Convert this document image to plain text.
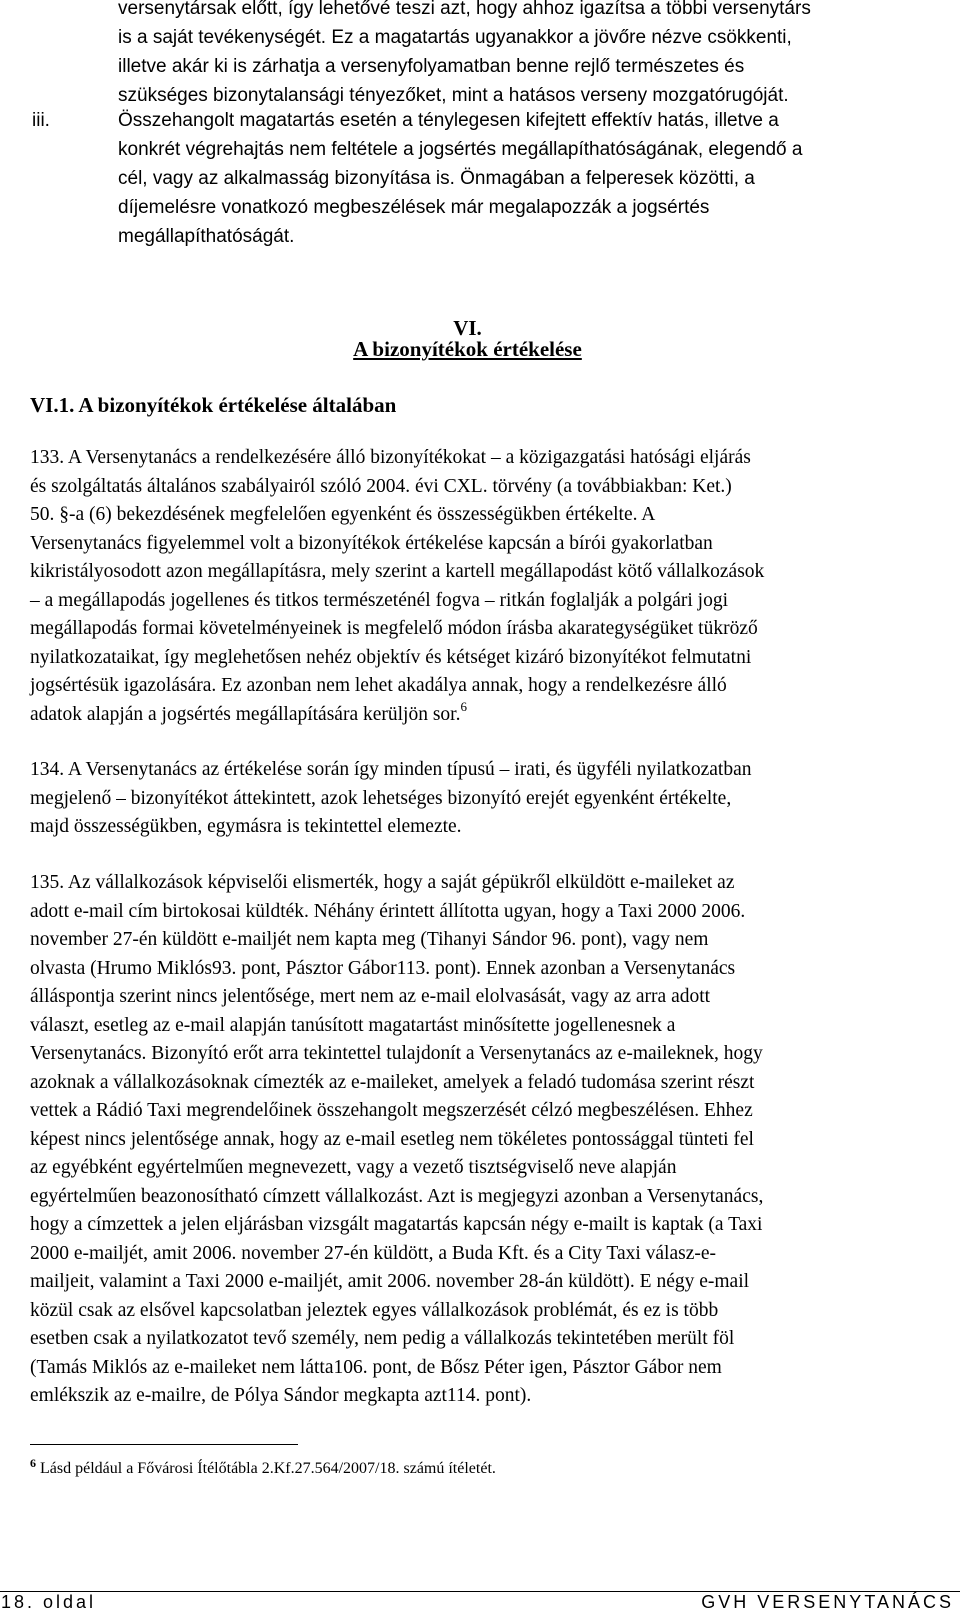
versenytársak előtt, így lehetővé teszi azt, hogy ahhoz igazítsa a többi versenytárs
is a saját tevékenységét. Ez a magatartás ugyanakkor a jövőre nézve csökkenti,
illetve akár ki is zárhatja a versenyfolyamatban benne rejlő természetes és
szükséges bizonytalansági tényezőket, mint a hatásos verseny mozgatórugóját.
iii.	Összehangolt magatartás esetén a ténylegesen kifejtett effektív hatás, illetve a
konkrét végrehajtás nem feltétele a jogsértés megállapíthatóságának, elegendő a
cél, vagy az alkalmasság bizonyítása is. Önmagában a felperesek közötti, a
díjemelésre vonatkozó megbeszélések már megalapozzák a jogsértés
megállapíthatóságát.
VI.
A bizonyítékok értékelése
VI.1. A bizonyítékok értékelése általában
133. A Versenytanács a rendelkezésére álló bizonyítékokat – a közigazgatási hatósági eljárás
és szolgáltatás általános szabályairól szóló 2004. évi CXL. törvény (a továbbiakban: Ket.)
50. §-a (6) bekezdésének megfelelően egyenként és összességükben értékelte. A
Versenytanács figyelemmel volt a bizonyítékok értékelése kapcsán a bírói gyakorlatban
kikristályosodott azon megállapításra, mely szerint a kartell megállapodást kötő vállalkozások
– a megállapodás jogellenes és titkos természeténél fogva – ritkán foglalják a polgári jogi
megállapodás formai követelményeinek is megfelelő módon írásba akarategységüket tükröző
nyilatkozataikat, így meglehetősen nehéz objektív és kétséget kizáró bizonyítékot felmutatni
jogsértésük igazolására. Ez azonban nem lehet akadálya annak, hogy a rendelkezésre álló
adatok alapján a jogsértés megállapítására kerüljön sor.$^6$
134. A Versenytanács az értékelése során így minden típusú – irati, és ügyféli nyilatkozatban
megjelenő – bizonyítékot áttekintett, azok lehetséges bizonyító erejét egyenként értékelte,
majd összességükben, egymásra is tekintettel elemezte.
135. Az vállalkozások képviselői elismerték, hogy a saját gépükről elküldött e-maileket az
adott e-mail cím birtokosai küldték. Néhány érintett állította ugyan, hogy a Taxi 2000 2006.
november 27-én küldött e-mailjét nem kapta meg (Tihanyi Sándor 96. pont), vagy nem
olvasta (Hrumo Miklós93. pont, Pásztor Gábor113. pont). Ennek azonban a Versenytanács
álláspontja szerint nincs jelentősége, mert nem az e-mail elolvasását, vagy az arra adott
választ, esetleg az e-mail alapján tanúsított magatartást minősítette jogellenesnek a
Versenytanács. Bizonyító erőt arra tekintettel tulajdonít a Versenytanács az e-maileknek, hogy
azoknak a vállalkozásoknak címezték az e-maileket, amelyek a feladó tudomása szerint részt
vettek a Rádió Taxi megrendelőinek összehangolt megszerzését célzó megbeszélésen. Ehhez
képest nincs jelentősége annak, hogy az e-mail esetleg nem tökéletes pontossággal tünteti fel
az egyébként egyértelműen megnevezett, vagy a vezető tisztségviselő neve alapján
egyértelműen beazonosítható címzett vállalkozást. Azt is megjegyzi azonban a Versenytanács,
hogy a címzettek a jelen eljárásban vizsgált magatartás kapcsán négy e-mailt is kaptak (a Taxi
2000 e-mailjét, amit 2006. november 27-én küldött, a Buda Kft. és a City Taxi válasz-e-
mailjeit, valamint a Taxi 2000 e-mailjét, amit 2006. november 28-án küldött). E négy e-mail
közül csak az elsővel kapcsolatban jeleztek egyes vállalkozások problémát, és ez is több
esetben csak a nyilatkozatot tevő személy, nem pedig a vállalkozás tekintetében merült föl
(Tamás Miklós az e-maileket nem látta106. pont, de Bősz Péter igen, Pásztor Gábor nem
emlékszik az e-mailre, de Pólya Sándor megkapta azt114. pont).
$^6$ Lásd például a Fővárosi Ítélőtábla 2.Kf.27.564/2007/18. számú ítéletét.
18. oldal	GVH VERSENYTANÁCS
